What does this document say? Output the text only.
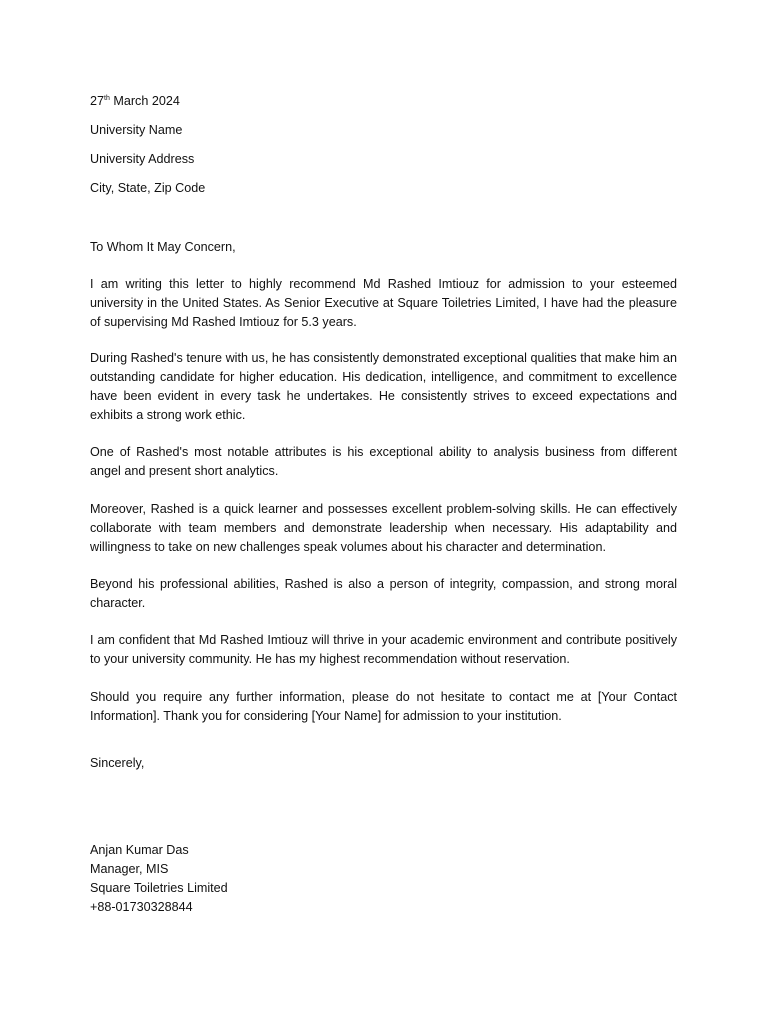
27th March 2024
University Name
University Address
City, State, Zip Code
To Whom It May Concern,
I am writing this letter to highly recommend Md Rashed Imtiouz for admission to your esteemed university in the United States. As Senior Executive at Square Toiletries Limited, I have had the pleasure of supervising Md Rashed Imtiouz for 5.3 years.
During Rashed's tenure with us, he has consistently demonstrated exceptional qualities that make him an outstanding candidate for higher education. His dedication, intelligence, and commitment to excellence have been evident in every task he undertakes. He consistently strives to exceed expectations and exhibits a strong work ethic.
One of Rashed's most notable attributes is his exceptional ability to analysis business from different angel and present short analytics.
Moreover, Rashed is a quick learner and possesses excellent problem-solving skills. He can effectively collaborate with team members and demonstrate leadership when necessary. His adaptability and willingness to take on new challenges speak volumes about his character and determination.
Beyond his professional abilities, Rashed is also a person of integrity, compassion, and strong moral character.
I am confident that Md Rashed Imtiouz will thrive in your academic environment and contribute positively to your university community. He has my highest recommendation without reservation.
Should you require any further information, please do not hesitate to contact me at [Your Contact Information]. Thank you for considering [Your Name] for admission to your institution.
Sincerely,
Anjan Kumar Das
Manager, MIS
Square Toiletries Limited
+88-01730328844
